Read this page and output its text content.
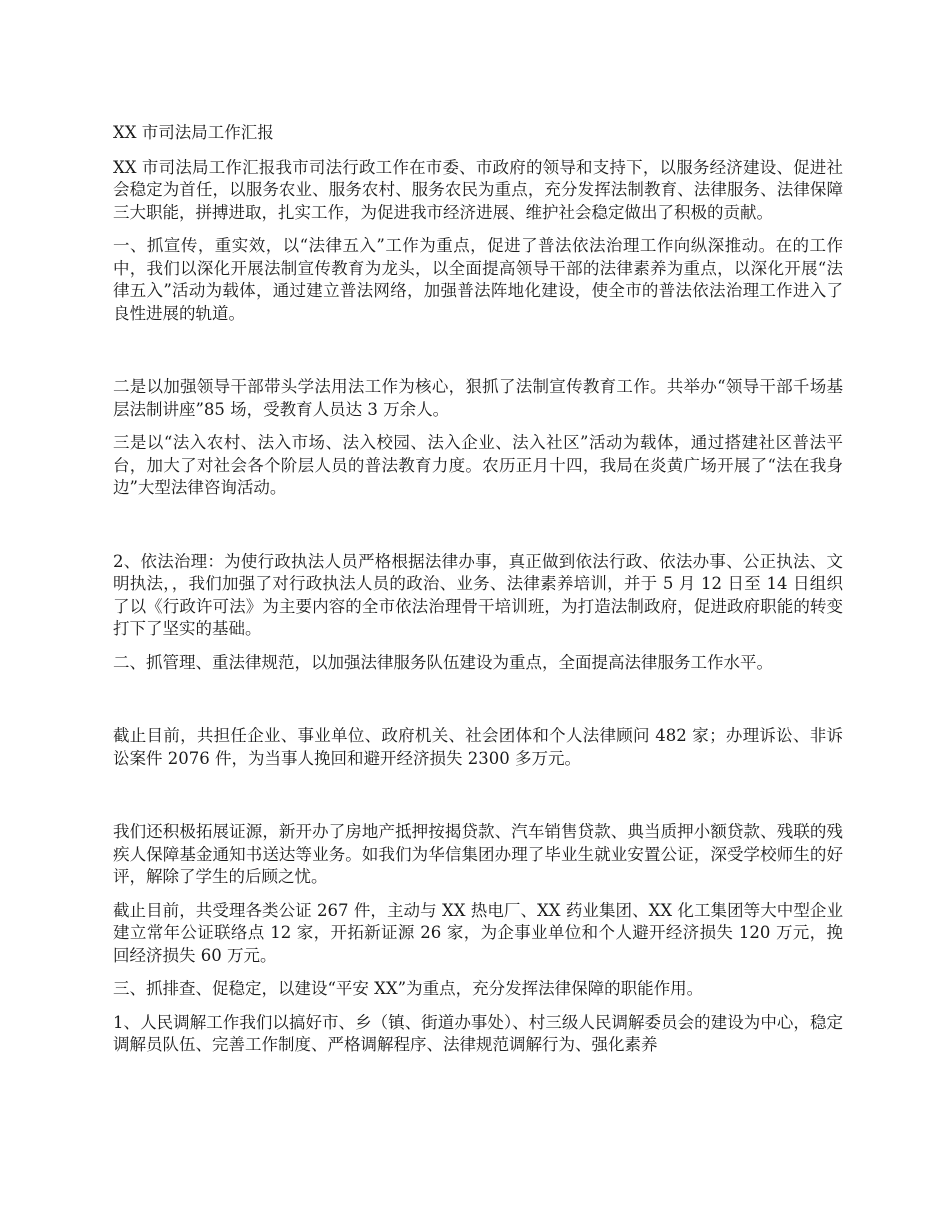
XX 市司法局工作汇报

XX 市司法局工作汇报我市司法行政工作在市委、市政府的领导和支持下，以服务经济建设、促进社会稳定为首任，以服务农业、服务农村、服务农民为重点，充分发挥法制教育、法律服务、法律保障三大职能，拼搏进取，扎实工作，为促进我市经济进展、维护社会稳定做出了积极的贡献。

一、抓宣传，重实效，以“法律五入”工作为重点，促进了普法依法治理工作向纵深推动。在的工作中，我们以深化开展法制宣传教育为龙头，以全面提高领导干部的法律素养为重点，以深化开展“法律五入”活动为载体，通过建立普法网络，加强普法阵地化建设，使全市的普法依法治理工作进入了良性进展的轨道。

二是以加强领导干部带头学法用法工作为核心，狠抓了法制宣传教育工作。共举办“领导干部千场基层法制讲座”85 场，受教育人员达 3 万余人。

三是以“法入农村、法入市场、法入校园、法入企业、法入社区”活动为载体，通过搭建社区普法平台，加大了对社会各个阶层人员的普法教育力度。农历正月十四，我局在炎黄广场开展了“法在我身边”大型法律咨询活动。

2、依法治理：为使行政执法人员严格根据法律办事，真正做到依法行政、依法办事、公正执法、文明执法，，我们加强了对行政执法人员的政治、业务、法律素养培训，并于 5 月 12 日至 14 日组织了以《行政许可法》为主要内容的全市依法治理骨干培训班，为打造法制政府，促进政府职能的转变打下了坚实的基础。

二、抓管理、重法律规范，以加强法律服务队伍建设为重点，全面提高法律服务工作水平。

截止目前，共担任企业、事业单位、政府机关、社会团体和个人法律顾问 482 家；办理诉讼、非诉讼案件 2076 件，为当事人挽回和避开经济损失 2300 多万元。

我们还积极拓展证源，新开办了房地产抵押按揭贷款、汽车销售贷款、典当质押小额贷款、残联的残疾人保障基金通知书送达等业务。如我们为华信集团办理了毕业生就业安置公证，深受学校师生的好评，解除了学生的后顾之忧。

截止目前，共受理各类公证 267 件，主动与 XX 热电厂、XX 药业集团、XX 化工集团等大中型企业建立常年公证联络点 12 家，开拓新证源 26 家，为企事业单位和个人避开经济损失 120 万元，挽回经济损失 60 万元。

三、抓排查、促稳定，以建设“平安 XX”为重点，充分发挥法律保障的职能作用。

1、人民调解工作我们以搞好市、乡（镇、街道办事处）、村三级人民调解委员会的建设为中心，稳定调解员队伍、完善工作制度、严格调解程序、法律规范调解行为、强化素养
